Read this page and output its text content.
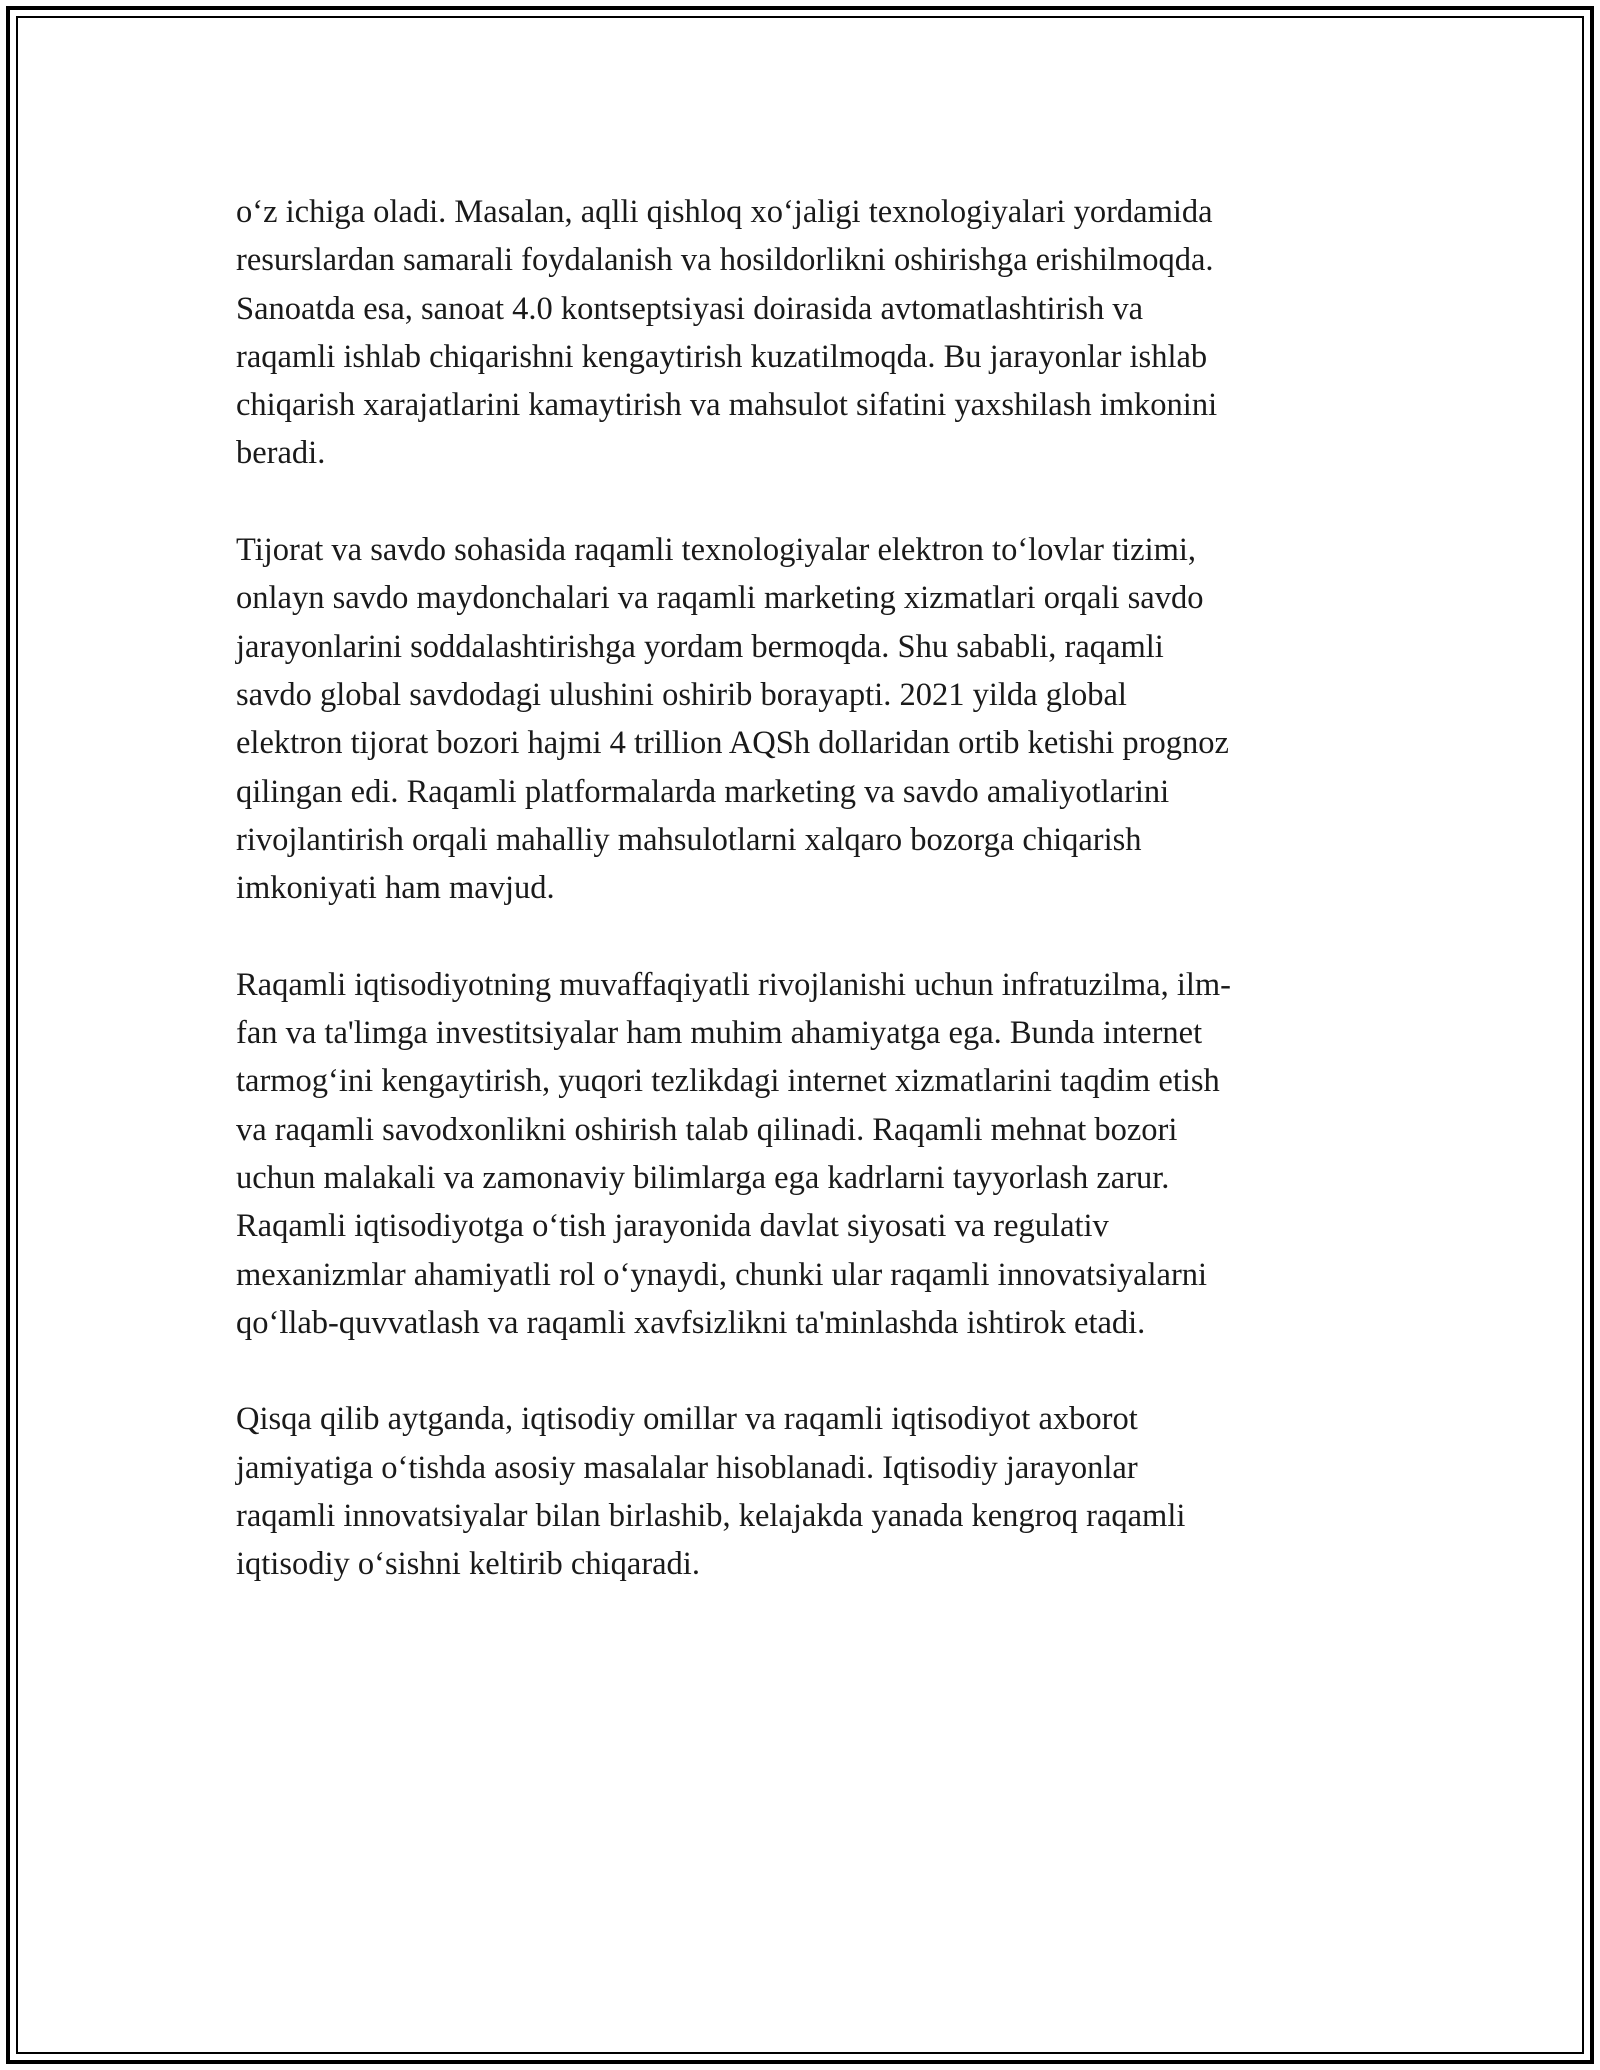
o‘z ichiga oladi. Masalan, aqlli qishloq xo‘jaligi texnologiyalari yordamida
resurslardan samarali foydalanish va hosildorlikni oshirishga erishilmoqda.
Sanoatda esa, sanoat 4.0 kontseptsiyasi doirasida avtomatlashtirish va
raqamli ishlab chiqarishni kengaytirish kuzatilmoqda. Bu jarayonlar ishlab
chiqarish xarajatlarini kamaytirish va mahsulot sifatini yaxshilash imkonini
beradi.

Tijorat va savdo sohasida raqamli texnologiyalar elektron to‘lovlar tizimi,
onlayn savdo maydonchalari va raqamli marketing xizmatlari orqali savdo
jarayonlarini soddalashtirishga yordam bermoqda. Shu sababli, raqamli
savdo global savdodagi ulushini oshirib borayapti. 2021 yilda global
elektron tijorat bozori hajmi 4 trillion AQSh dollaridan ortib ketishi prognoz
qilingan edi. Raqamli platformalarda marketing va savdo amaliyotlarini
rivojlantirish orqali mahalliy mahsulotlarni xalqaro bozorga chiqarish
imkoniyati ham mavjud.

Raqamli iqtisodiyotning muvaffaqiyatli rivojlanishi uchun infratuzilma, ilm-
fan va ta'limga investitsiyalar ham muhim ahamiyatga ega. Bunda internet
tarmog‘ini kengaytirish, yuqori tezlikdagi internet xizmatlarini taqdim etish
va raqamli savodxonlikni oshirish talab qilinadi. Raqamli mehnat bozori
uchun malakali va zamonaviy bilimlarga ega kadrlarni tayyorlash zarur.
Raqamli iqtisodiyotga o‘tish jarayonida davlat siyosati va regulativ
mexanizmlar ahamiyatli rol o‘ynaydi, chunki ular raqamli innovatsiyalarni
qo‘llab-quvvatlash va raqamli xavfsizlikni ta'minlashda ishtirok etadi.

Qisqa qilib aytganda, iqtisodiy omillar va raqamli iqtisodiyot axborot
jamiyatiga o‘tishda asosiy masalalar hisoblanadi. Iqtisodiy jarayonlar
raqamli innovatsiyalar bilan birlashib, kelajakda yanada kengroq raqamli
iqtisodiy o‘sishni keltirib chiqaradi.
